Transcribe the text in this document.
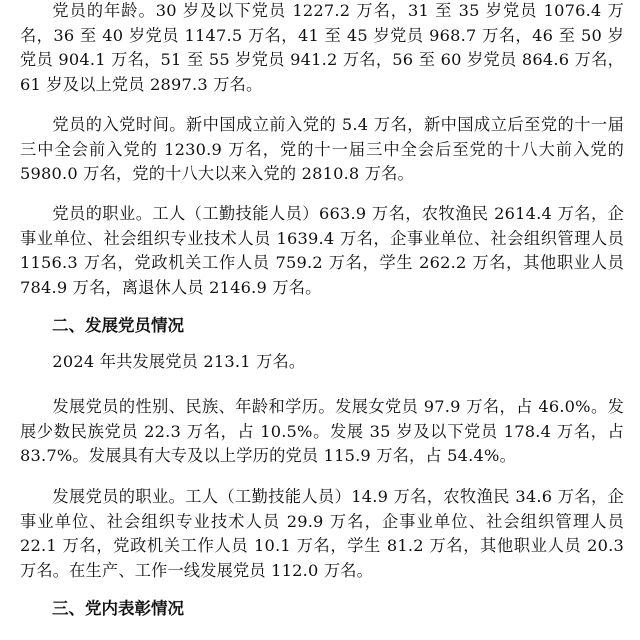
党员的年龄。30 岁及以下党员 1227.2 万名，31 至 35 岁党员 1076.4 万名，36 至 40 岁党员 1147.5 万名，41 至 45 岁党员 968.7 万名，46 至 50 岁党员 904.1 万名，51 至 55 岁党员 941.2 万名，56 至 60 岁党员 864.6 万名，61 岁及以上党员 2897.3 万名。

党员的入党时间。新中国成立前入党的 5.4 万名，新中国成立后至党的十一届三中全会前入党的 1230.9 万名，党的十一届三中全会后至党的十八大前入党的 5980.0 万名，党的十八大以来入党的 2810.8 万名。

党员的职业。工人（工勤技能人员）663.9 万名，农牧渔民 2614.4 万名，企事业单位、社会组织专业技术人员 1639.4 万名，企事业单位、社会组织管理人员 1156.3 万名，党政机关工作人员 759.2 万名，学生 262.2 万名，其他职业人员 784.9 万名，离退休人员 2146.9 万名。

二、发展党员情况

2024 年共发展党员 213.1 万名。

发展党员的性别、民族、年龄和学历。发展女党员 97.9 万名，占 46.0%。发展少数民族党员 22.3 万名，占 10.5%。发展 35 岁及以下党员 178.4 万名，占 83.7%。发展具有大专及以上学历的党员 115.9 万名，占 54.4%。

发展党员的职业。工人（工勤技能人员）14.9 万名，农牧渔民 34.6 万名，企事业单位、社会组织专业技术人员 29.9 万名，企事业单位、社会组织管理人员 22.1 万名，党政机关工作人员 10.1 万名，学生 81.2 万名，其他职业人员 20.3 万名。在生产、工作一线发展党员 112.0 万名。

三、党内表彰情况
